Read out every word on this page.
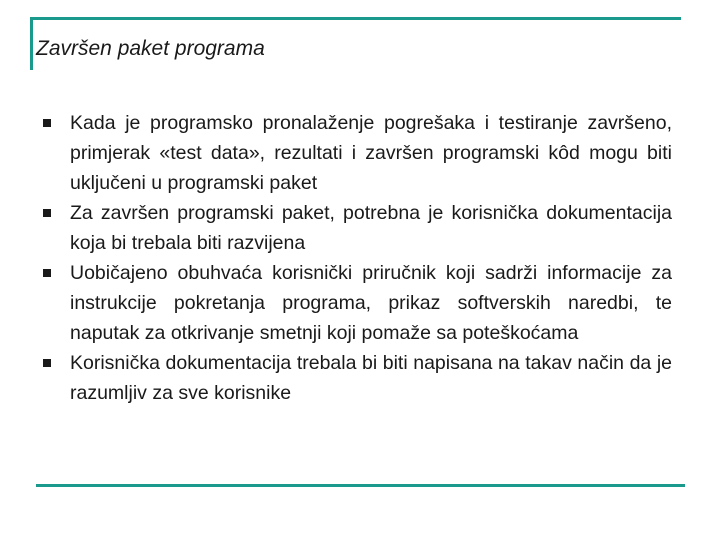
Završen paket programa
Kada je programsko pronalaženje pogrešaka i testiranje završeno, primjerak «test data», rezultati i završen programski kôd mogu biti uključeni u programski paket
Za završen programski paket, potrebna je korisnička dokumentacija koja bi trebala biti razvijena
Uobičajeno obuhvaća korisnički priručnik koji sadrži informacije za instrukcije pokretanja programa, prikaz softverskih naredbi, te naputak za otkrivanje smetnji koji pomaže sa poteškoćama
Korisnička dokumentacija trebala bi biti napisana na takav način da je razumljiv za sve korisnike
